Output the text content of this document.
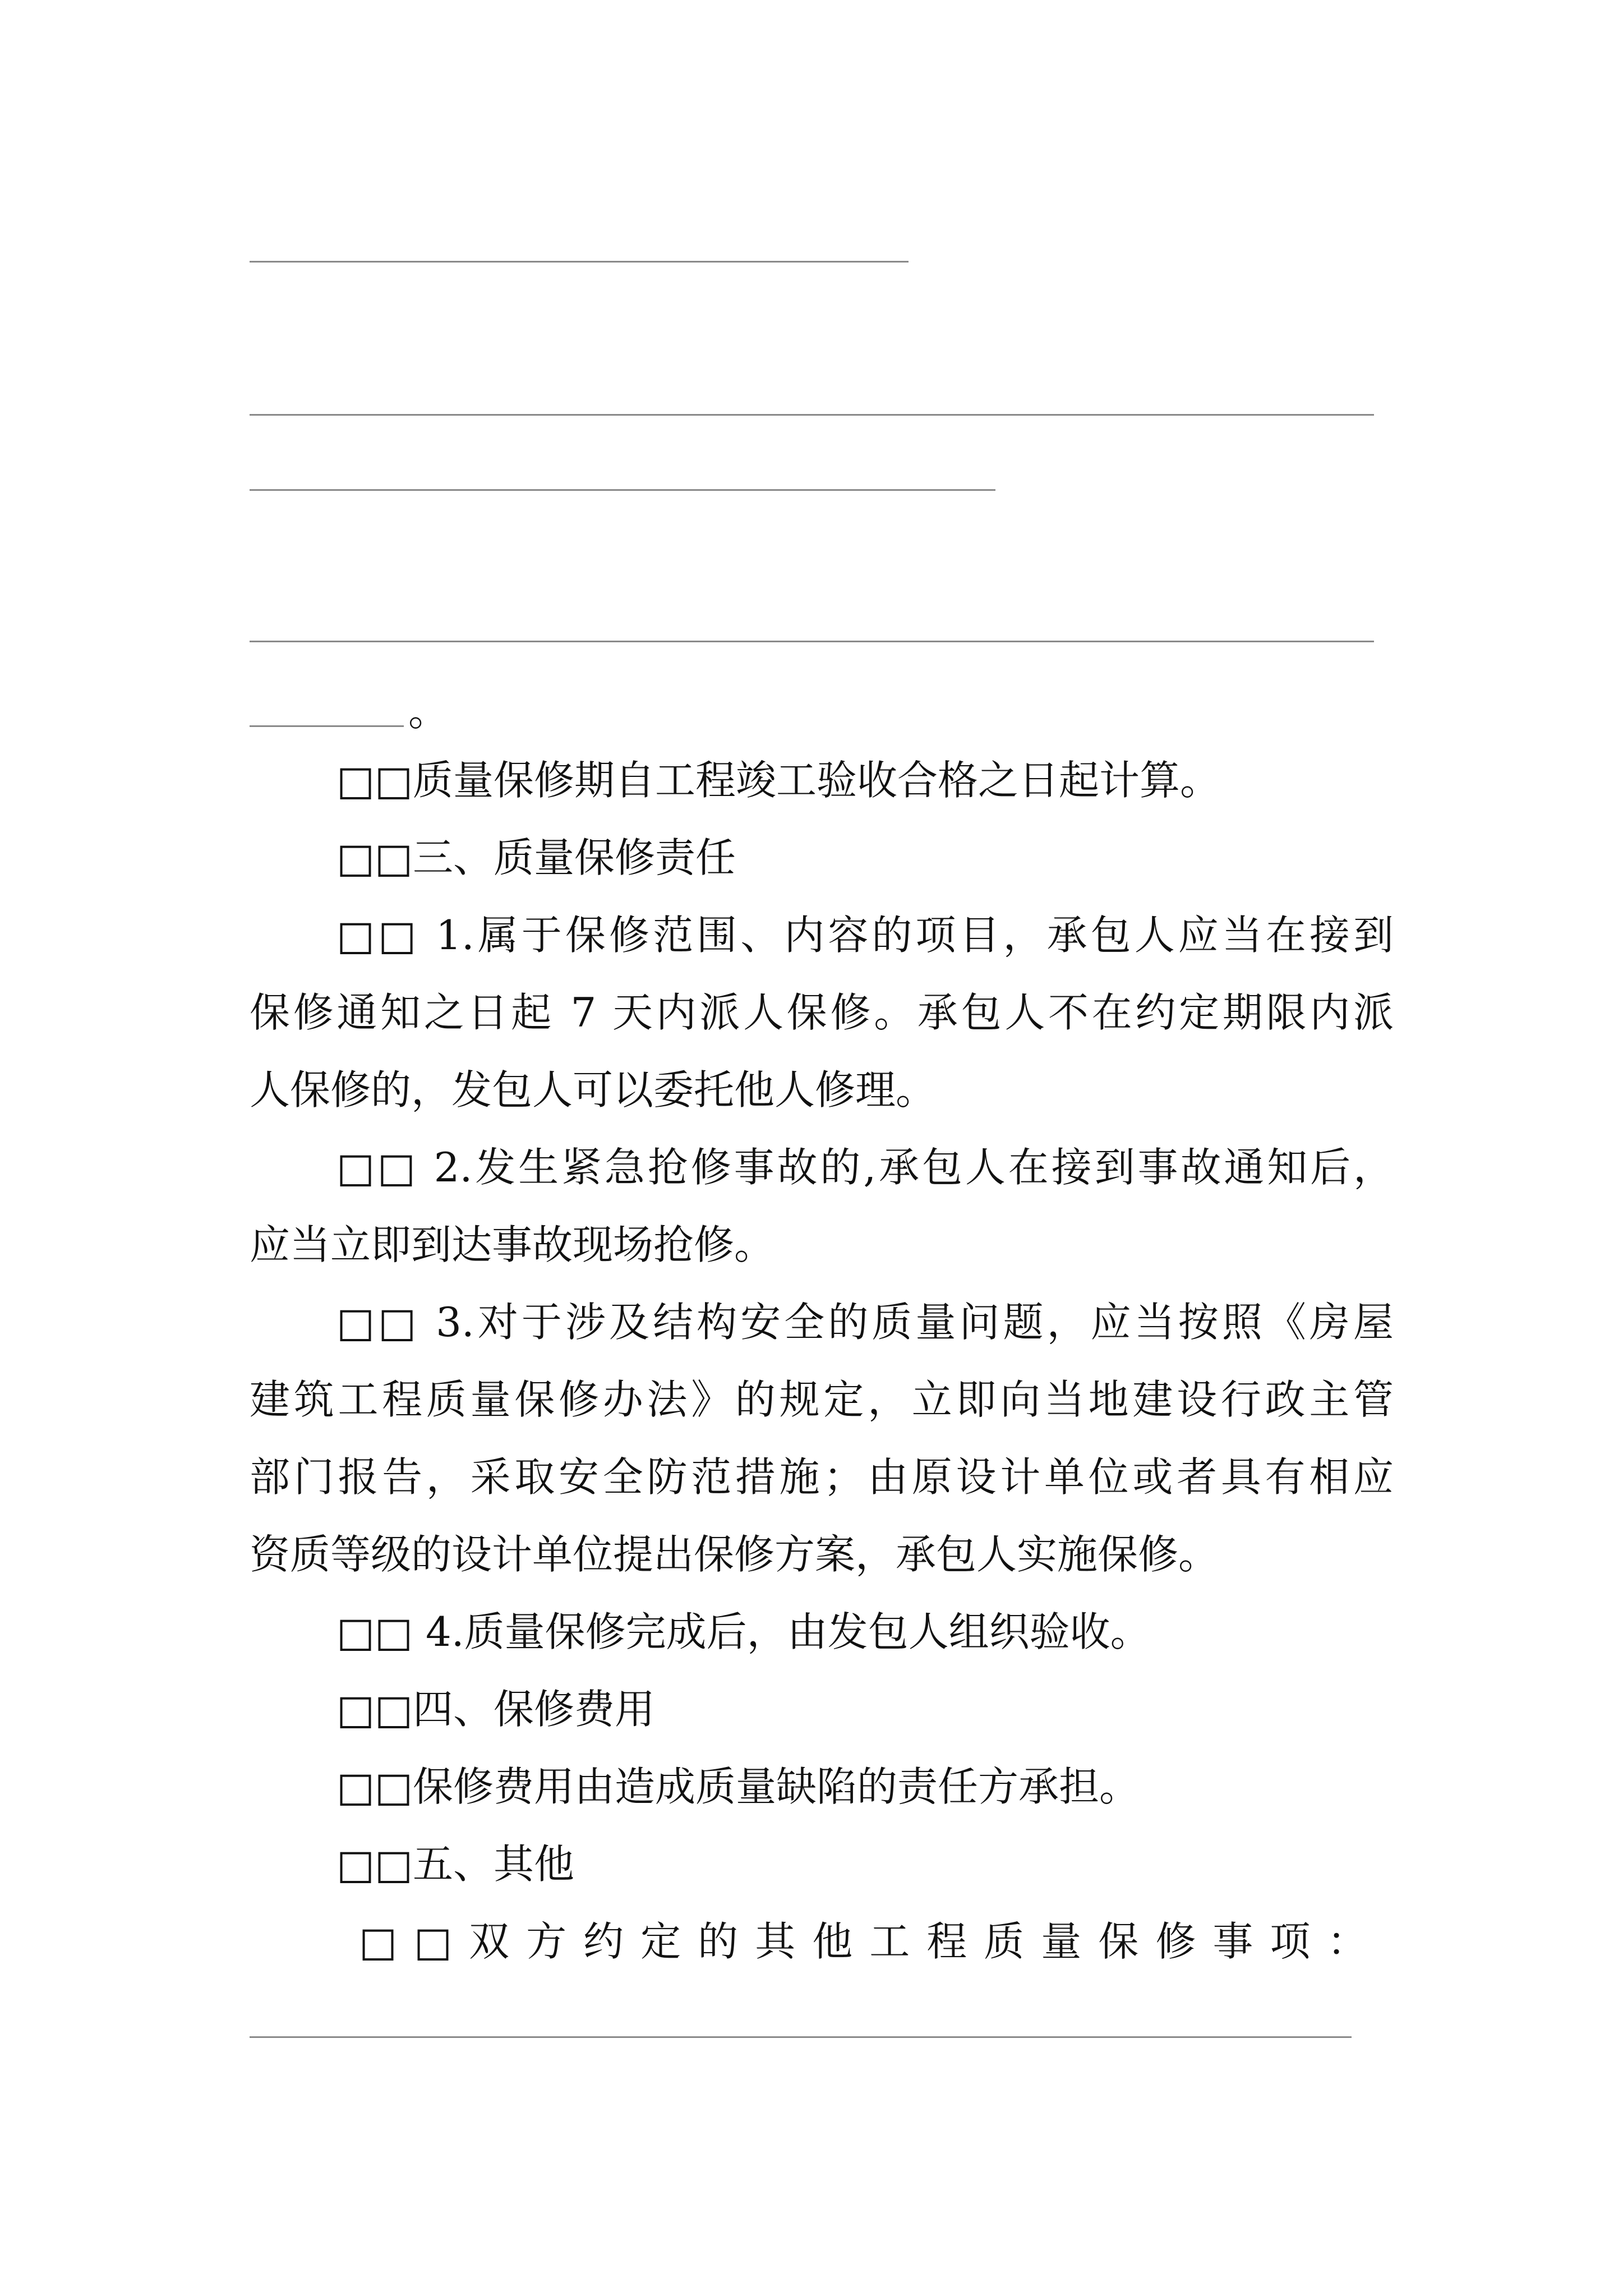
。
□□质量保修期自工程竣工验收合格之日起计算。
□□三、质量保修责任
□□ 1.属于保修范围、内容的项目，承包人应当在接到
保修通知之日起 7 天内派人保修。承包人不在约定期限内派
人保修的，发包人可以委托他人修理。
□□ 2.发生紧急抢修事故的,承包人在接到事故通知后，
应当立即到达事故现场抢修。
□□ 3.对于涉及结构安全的质量问题，应当按照《房屋
建筑工程质量保修办法》的规定，立即向当地建设行政主管
部门报告，采取安全防范措施；由原设计单位或者具有相应
资质等级的设计单位提出保修方案，承包人实施保修。
□□ 4.质量保修完成后，由发包人组织验收。
□□四、保修费用
□□保修费用由造成质量缺陷的责任方承担。
□□五、其他
□□双方约定的其他工程质量保修事项：
